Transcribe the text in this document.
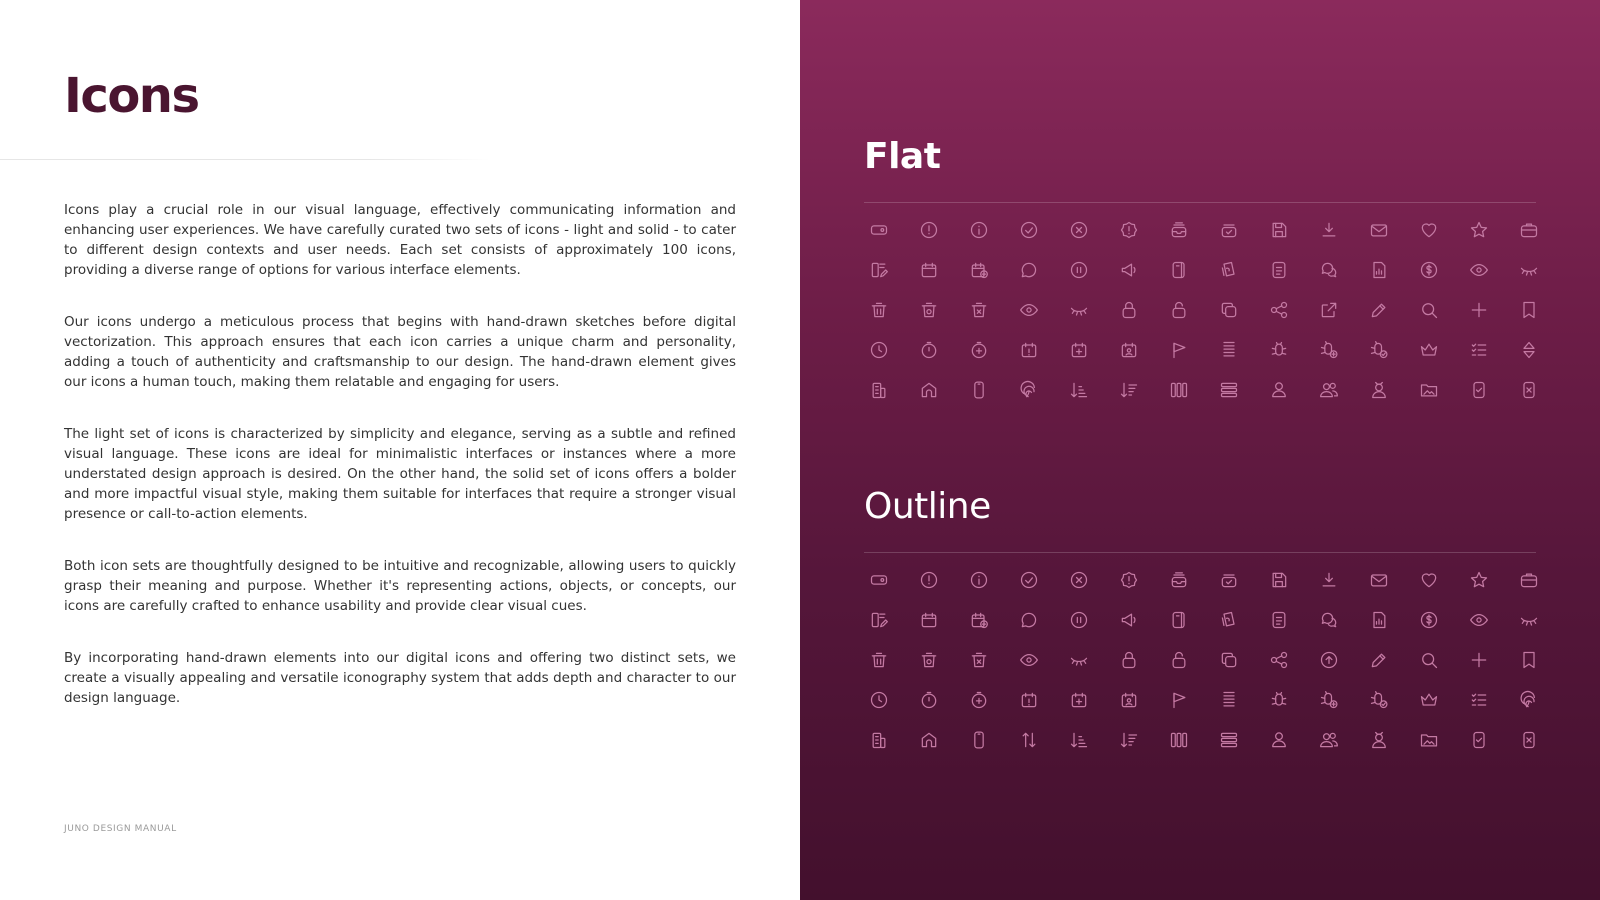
Icons

Icons play a crucial role in our visual language, effectively communicating information and enhancing user experiences. We have carefully curated two sets of icons - light and solid - to cater to different design contexts and user needs. Each set consists of approximately 100 icons, providing a diverse range of options for various interface elements.

Our icons undergo a meticulous process that begins with hand-drawn sketches before digital vectorization. This approach ensures that each icon carries a unique charm and personality, adding a touch of authenticity and craftsmanship to our design. The hand-drawn element gives our icons a human touch, making them relatable and engaging for users.

The light set of icons is characterized by simplicity and elegance, serving as a subtle and refined visual language. These icons are ideal for minimalistic interfaces or instances where a more understated design approach is desired. On the other hand, the solid set of icons offers a bolder and more impactful visual style, making them suitable for interfaces that require a stronger visual presence or call-to-action elements.

Both icon sets are thoughtfully designed to be intuitive and recognizable, allowing users to quickly grasp their meaning and purpose. Whether it's representing actions, objects, or concepts, our icons are carefully crafted to enhance usability and provide clear visual cues.

By incorporating hand-drawn elements into our digital icons and offering two distinct sets, we create a visually appealing and versatile iconography system that adds depth and character to our design language.

JUNO DESIGN MANUAL
Flat
Outline
